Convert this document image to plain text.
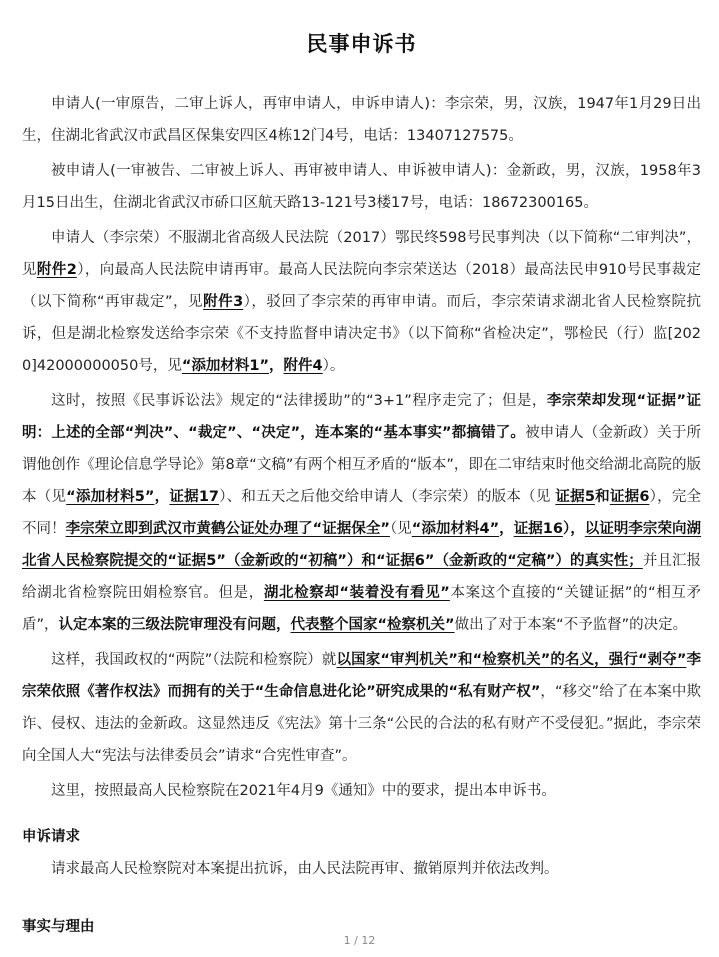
民事申诉书

申请人(一审原告，二审上诉人，再审申请人，申诉申请人)：李宗荣，男，汉族，1947年1月29日出生，住湖北省武汉市武昌区保集安四区4栋12门4号，电话：13407127575。

被申请人(一审被告、二审被上诉人、再审被申请人、申诉被申请人)：金新政，男，汉族，1958年3月15日出生，住湖北省武汉市硚口区航天路13-121号3楼17号，电话：18672300165。

申请人（李宗荣）不服湖北省高级人民法院（2017）鄂民终598号民事判决（以下简称“二审判决”，见附件2），向最高人民法院申请再审。最高人民法院向李宗荣送达（2018）最高法民申910号民事裁定（以下简称“再审裁定”，见附件3），驳回了李宗荣的再审申请。而后，李宗荣请求湖北省人民检察院抗诉，但是湖北检察发送给李宗荣《不支持监督申请决定书》（以下简称“省检决定”，鄂检民（行）监[2020]42000000050号，见“添加材料1”，附件4）。

这时，按照《民事诉讼法》规定的“法律援助”的“3+1”程序走完了；但是，李宗荣却发现“证据”证明：上述的全部“判决”、“裁定”、“决定”，连本案的“基本事实”都搞错了。被申请人（金新政）关于所谓他创作《理论信息学导论》第8章“文稿”有两个相互矛盾的“版本”，即在二审结束时他交给湖北高院的版本（见“添加材料5”，证据17）、和五天之后他交给申请人（李宗荣）的版本（见 证据5和证据6），完全不同！李宗荣立即到武汉市黄鹤公证处办理了“证据保全”（见“添加材料4”，证据16），以证明李宗荣向湖北省人民检察院提交的“证据5”（金新政的“初稿”）和“证据6”（金新政的“定稿”）的真实性；并且汇报给湖北省检察院田娟检察官。但是，湖北检察却“装着没有看见”本案这个直接的“关键证据”的“相互矛盾”，认定本案的三级法院审理没有问题，代表整个国家“检察机关”做出了对于本案“不予监督”的决定。

这样，我国政权的“两院”（法院和检察院）就以国家“审判机关”和“检察机关”的名义，强行“剥夺”李宗荣依照《著作权法》而拥有的关于“生命信息进化论”研究成果的“私有财产权”，“移交”给了在本案中欺诈、侵权、违法的金新政。这显然违反《宪法》第十三条“公民的合法的私有财产不受侵犯。”据此，李宗荣向全国人大“宪法与法律委员会”请求“合宪性审查”。

这里，按照最高人民检察院在2021年4月9《通知》中的要求，提出本申诉书。

申诉请求

请求最高人民检察院对本案提出抗诉，由人民法院再审、撤销原判并依法改判。

事实与理由
1 / 12
